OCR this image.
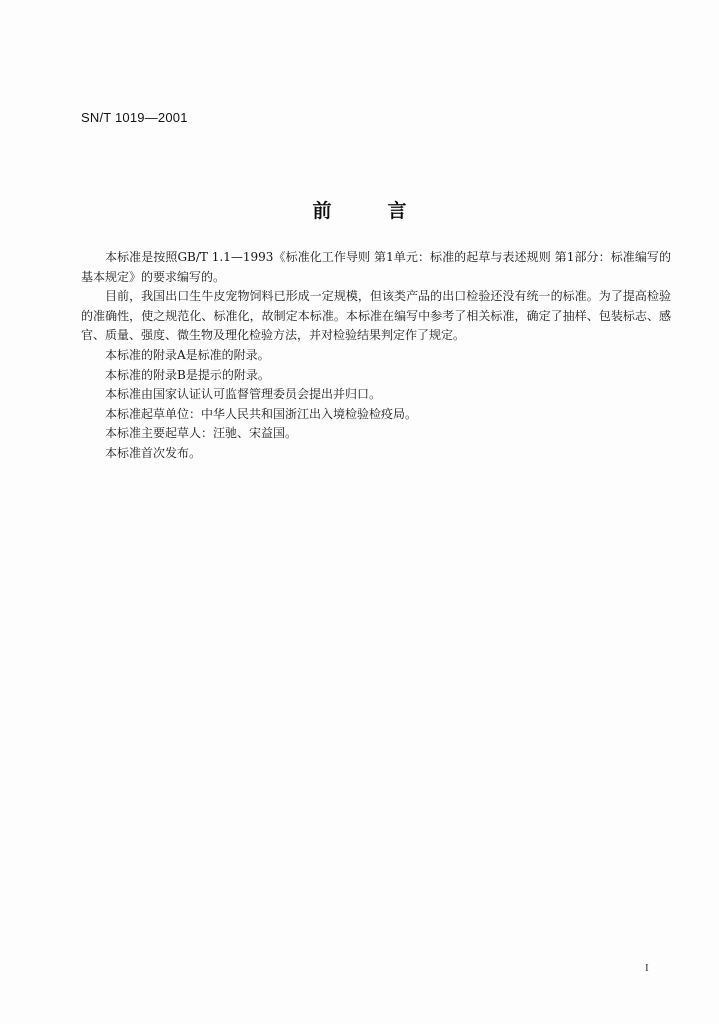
SN/T 1019—2001
前	言

本标准是按照GB/T 1.1—1993《标准化工作导则 第1单元：标准的起草与表述规则 第1部分：标准编写的基本规定》的要求编写的。

目前，我国出口生牛皮宠物饲料已形成一定规模，但该类产品的出口检验还没有统一的标准。为了提高检验的准确性，使之规范化、标准化，故制定本标准。本标准在编写中参考了相关标准，确定了抽样、包装标志、感官、质量、强度、微生物及理化检验方法，并对检验结果判定作了规定。

本标准的附录A是标准的附录。

本标准的附录B是提示的附录。

本标准由国家认证认可监督管理委员会提出并归口。

本标准起草单位：中华人民共和国浙江出入境检验检疫局。

本标准主要起草人：汪驰、宋益国。

本标准首次发布。

I
